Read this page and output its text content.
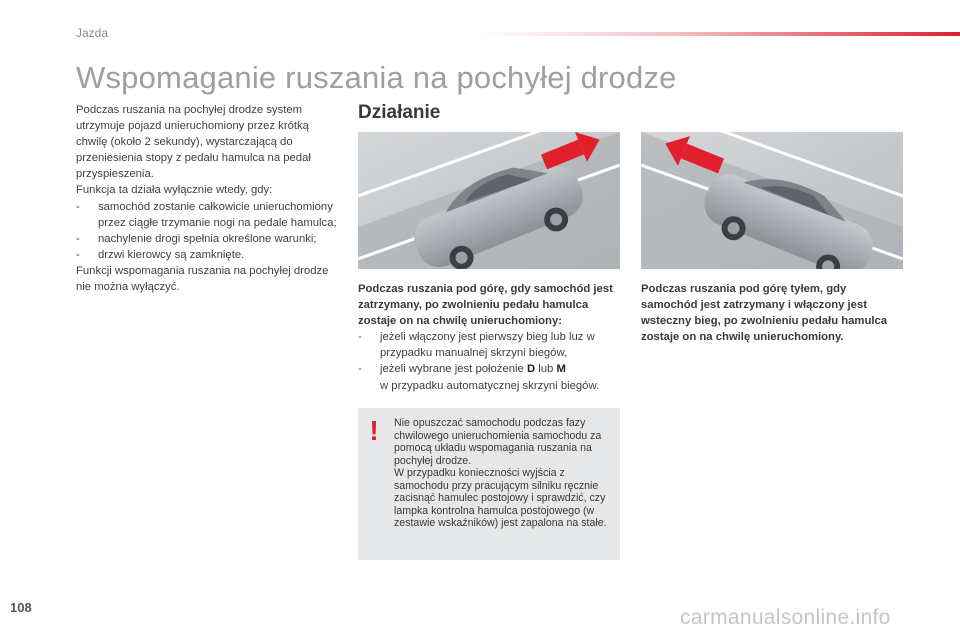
Jazda
Wspomaganie ruszania na pochyłej drodze

Podczas ruszania na pochyłej drodze system utrzymuje pojazd unieruchomiony przez krótką chwilę (około 2 sekundy), wystarczającą do przeniesienia stopy z pedału hamulca na pedał przyspieszenia.

Funkcja ta działa wyłącznie wtedy, gdy:

- samochód zostanie całkowicie unieruchomiony przez ciągłe trzymanie nogi na pedale hamulca;
- nachylenie drogi spełnia określone warunki;
- drzwi kierowcy są zamknięte.

Funkcji wspomagania ruszania na pochyłej drodze nie można wyłączyć.

Działanie

Podczas ruszania pod górę, gdy samochód jest zatrzymany, po zwolnieniu pedału hamulca zostaje on na chwilę unieruchomiony:

- jeżeli włączony jest pierwszy bieg lub luz w przypadku manualnej skrzyni biegów,
- jeżeli wybrane jest położenie D lub M
w przypadku automatycznej skrzyni biegów.
Podczas ruszania pod górę tyłem, gdy samochód jest zatrzymany i włączony jest wsteczny bieg, po zwolnieniu pedału hamulca zostaje on na chwilę unieruchomiony.
!	Nie opuszczać samochodu podczas fazy chwilowego unieruchomienia samochodu za pomocą układu wspomagania ruszania na pochyłej drodze.
W przypadku konieczności wyjścia z samochodu przy pracującym silniku ręcznie zacisnąć hamulec postojowy i sprawdzić, czy lampka kontrolna hamulca postojowego (w zestawie wskaźników) jest zapalona na stałe.
108	carmanualsonline.info
